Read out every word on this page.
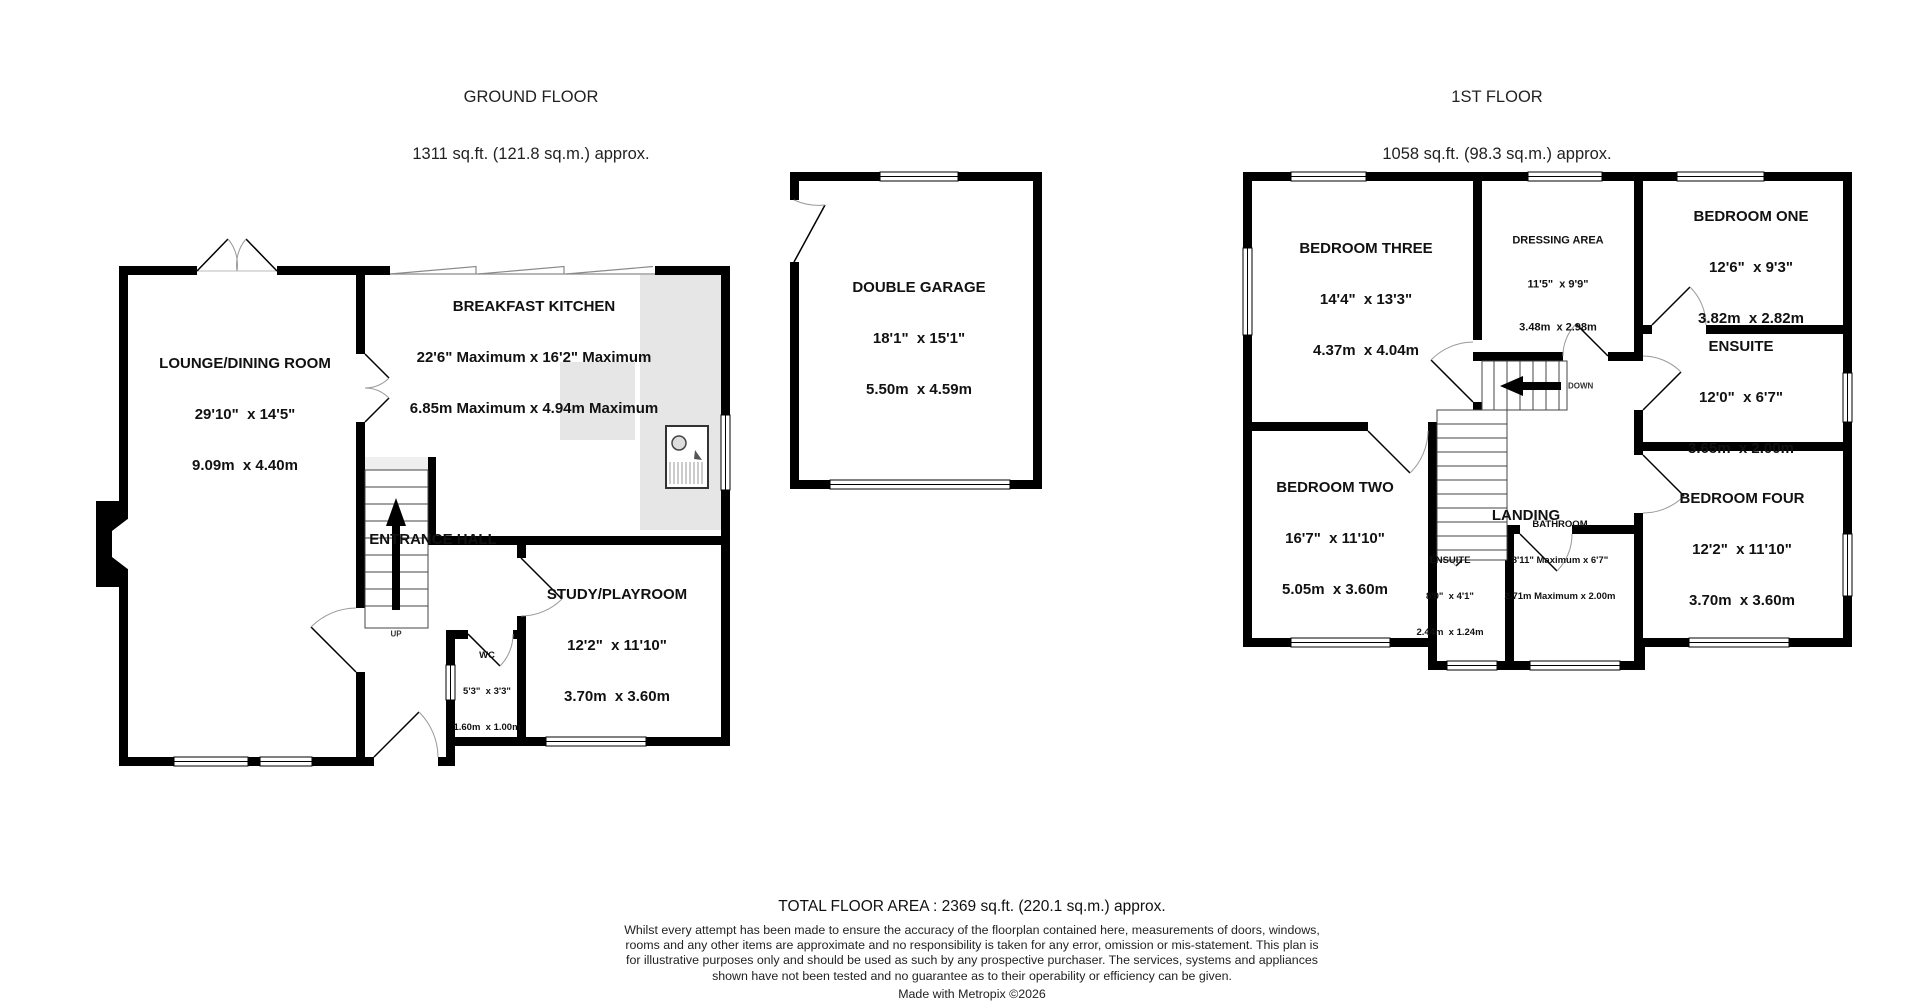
GROUND FLOOR

1311 sq.ft. (121.8 sq.m.) approx.

1ST FLOOR

1058 sq.ft. (98.3 sq.m.) approx.

LOUNGE/DINING ROOM

29'10"  x 14'5"

9.09m  x 4.40m

BREAKFAST KITCHEN

22'6" Maximum x 16'2" Maximum

6.85m Maximum x 4.94m Maximum

ENTRANCE HALL

STUDY/PLAYROOM

12'2"  x 11'10"

3.70m  x 3.60m

WC

5'3"  x 3'3"

1.60m  x 1.00m

DOUBLE GARAGE

18'1"  x 15'1"

5.50m  x 4.59m

UP

BEDROOM THREE

14'4"  x 13'3"

4.37m  x 4.04m

DRESSING AREA

11'5"  x 9'9"

3.48m  x 2.98m

BEDROOM ONE

12'6"  x 9'3"

3.82m  x 2.82m

ENSUITE

12'0"  x 6'7"

3.65m  x 2.00m

BEDROOM TWO

16'7"  x 11'10"

5.05m  x 3.60m

LANDING

BATHROOM

8'11" Maximum x 6'7"

2.71m Maximum x 2.00m

ENSUITE

8'0"  x 4'1"

2.44m  x 1.24m

BEDROOM FOUR

12'2"  x 11'10"

3.70m  x 3.60m

DOWN
TOTAL FLOOR AREA : 2369 sq.ft. (220.1 sq.m.) approx.
Whilst every attempt has been made to ensure the accuracy of the floorplan contained here, measurements of doors, windows, rooms and any other items are approximate and no responsibility is taken for any error, omission or mis-statement. This plan is for illustrative purposes only and should be used as such by any prospective purchaser. The services, systems and appliances shown have not been tested and no guarantee as to their operability or efficiency can be given.
Made with Metropix ©2026
